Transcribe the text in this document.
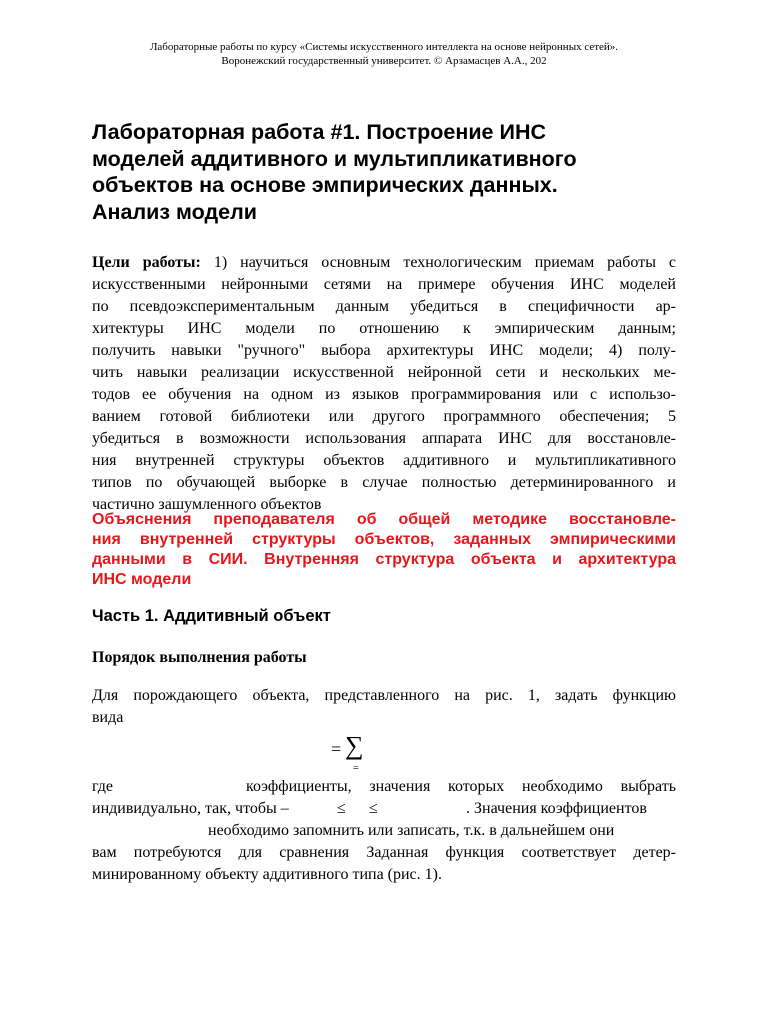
Лабораторные работы по курсу «Системы искусственного интеллекта на основе нейронных сетей».
Воронежский государственный университет. © Арзамасцев А.А., 202
Лабораторная работа #1. Построение ИНС
моделей аддитивного и мультипликативного
объектов на основе эмпирических данных.
Анализ модели
Цели работы: 1) научиться основным технологическим приемам работы с
искусственными нейронными сетями на примере обучения ИНС моделей
по псевдоэкспериментальным данным убедиться в специфичности ар-
хитектуры ИНС модели по отношению к эмпирическим данным;
получить навыки "ручного" выбора архитектуры ИНС модели; 4) полу-
чить навыки реализации искусственной нейронной сети и нескольких ме-
тодов ее обучения на одном из языков программирования или с использо-
ванием готовой библиотеки или другого программного обеспечения; 5
убедиться в возможности использования аппарата ИНС для восстановле-
ния внутренней структуры объектов аддитивного и мультипликативного
типов по обучающей выборке в случае полностью детерминированного и
частично зашумленного объектов
Объяснения преподавателя об общей методике восстановле-
ния внутренней структуры объектов, заданных эмпирическими
данными в СИИ. Внутренняя структура объекта и архитектура
ИНС модели
Часть 1. Аддитивный объект
Порядок выполнения работы
Для порождающего объекта, представленного на рис. 1, задать функцию
вида
= ∑
=
где	коэффициенты, значения которых необходимо выбрать
индивидуально, так, чтобы –	≤ ≤	. Значения коэффициентов
необходимо запомнить или записать, т.к. в дальнейшем они
вам потребуются для сравнения Заданная функция соответствует детер-
минированному объекту аддитивного типа (рис. 1).
